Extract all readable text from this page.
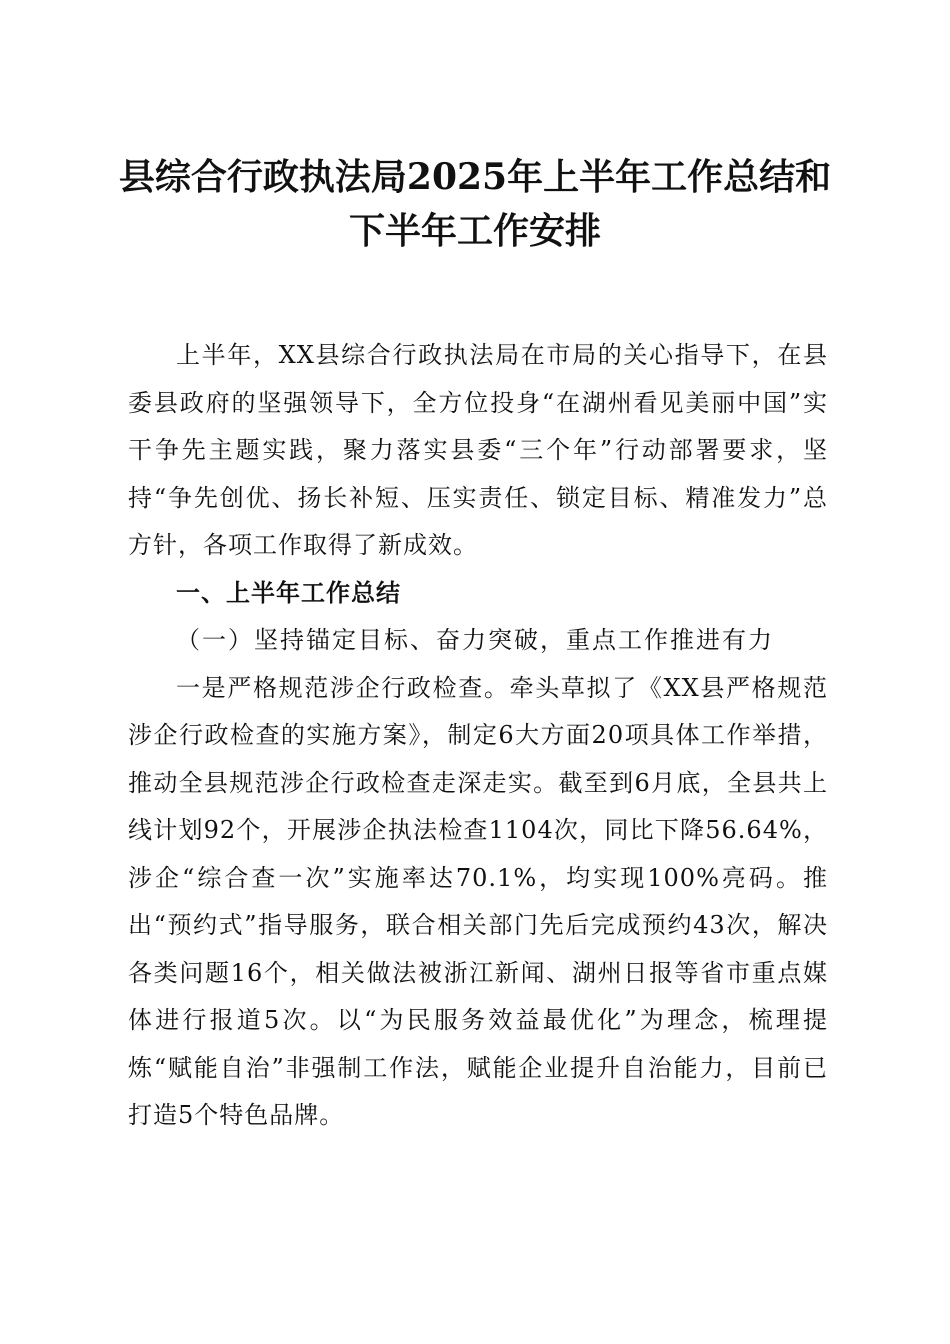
县综合行政执法局2025年上半年工作总结和
下半年工作安排

上半年，XX县综合行政执法局在市局的关心指导下，在县委县政府的坚强领导下，全方位投身“在湖州看见美丽中国”实干争先主题实践，聚力落实县委“三个年”行动部署要求，坚持“争先创优、扬长补短、压实责任、锁定目标、精准发力”总方针，各项工作取得了新成效。

一、上半年工作总结

（一）坚持锚定目标、奋力突破，重点工作推进有力

一是严格规范涉企行政检查。牵头草拟了《XX县严格规范涉企行政检查的实施方案》，制定6大方面20项具体工作举措，推动全县规范涉企行政检查走深走实。截至到6月底，全县共上线计划92个，开展涉企执法检查1104次，同比下降56.64%，涉企“综合查一次”实施率达70.1%，均实现100%亮码。推出“预约式”指导服务，联合相关部门先后完成预约43次，解决各类问题16个，相关做法被浙江新闻、湖州日报等省市重点媒体进行报道5次。以“为民服务效益最优化”为理念，梳理提炼“赋能自治”非强制工作法，赋能企业提升自治能力，目前已打造5个特色品牌。
